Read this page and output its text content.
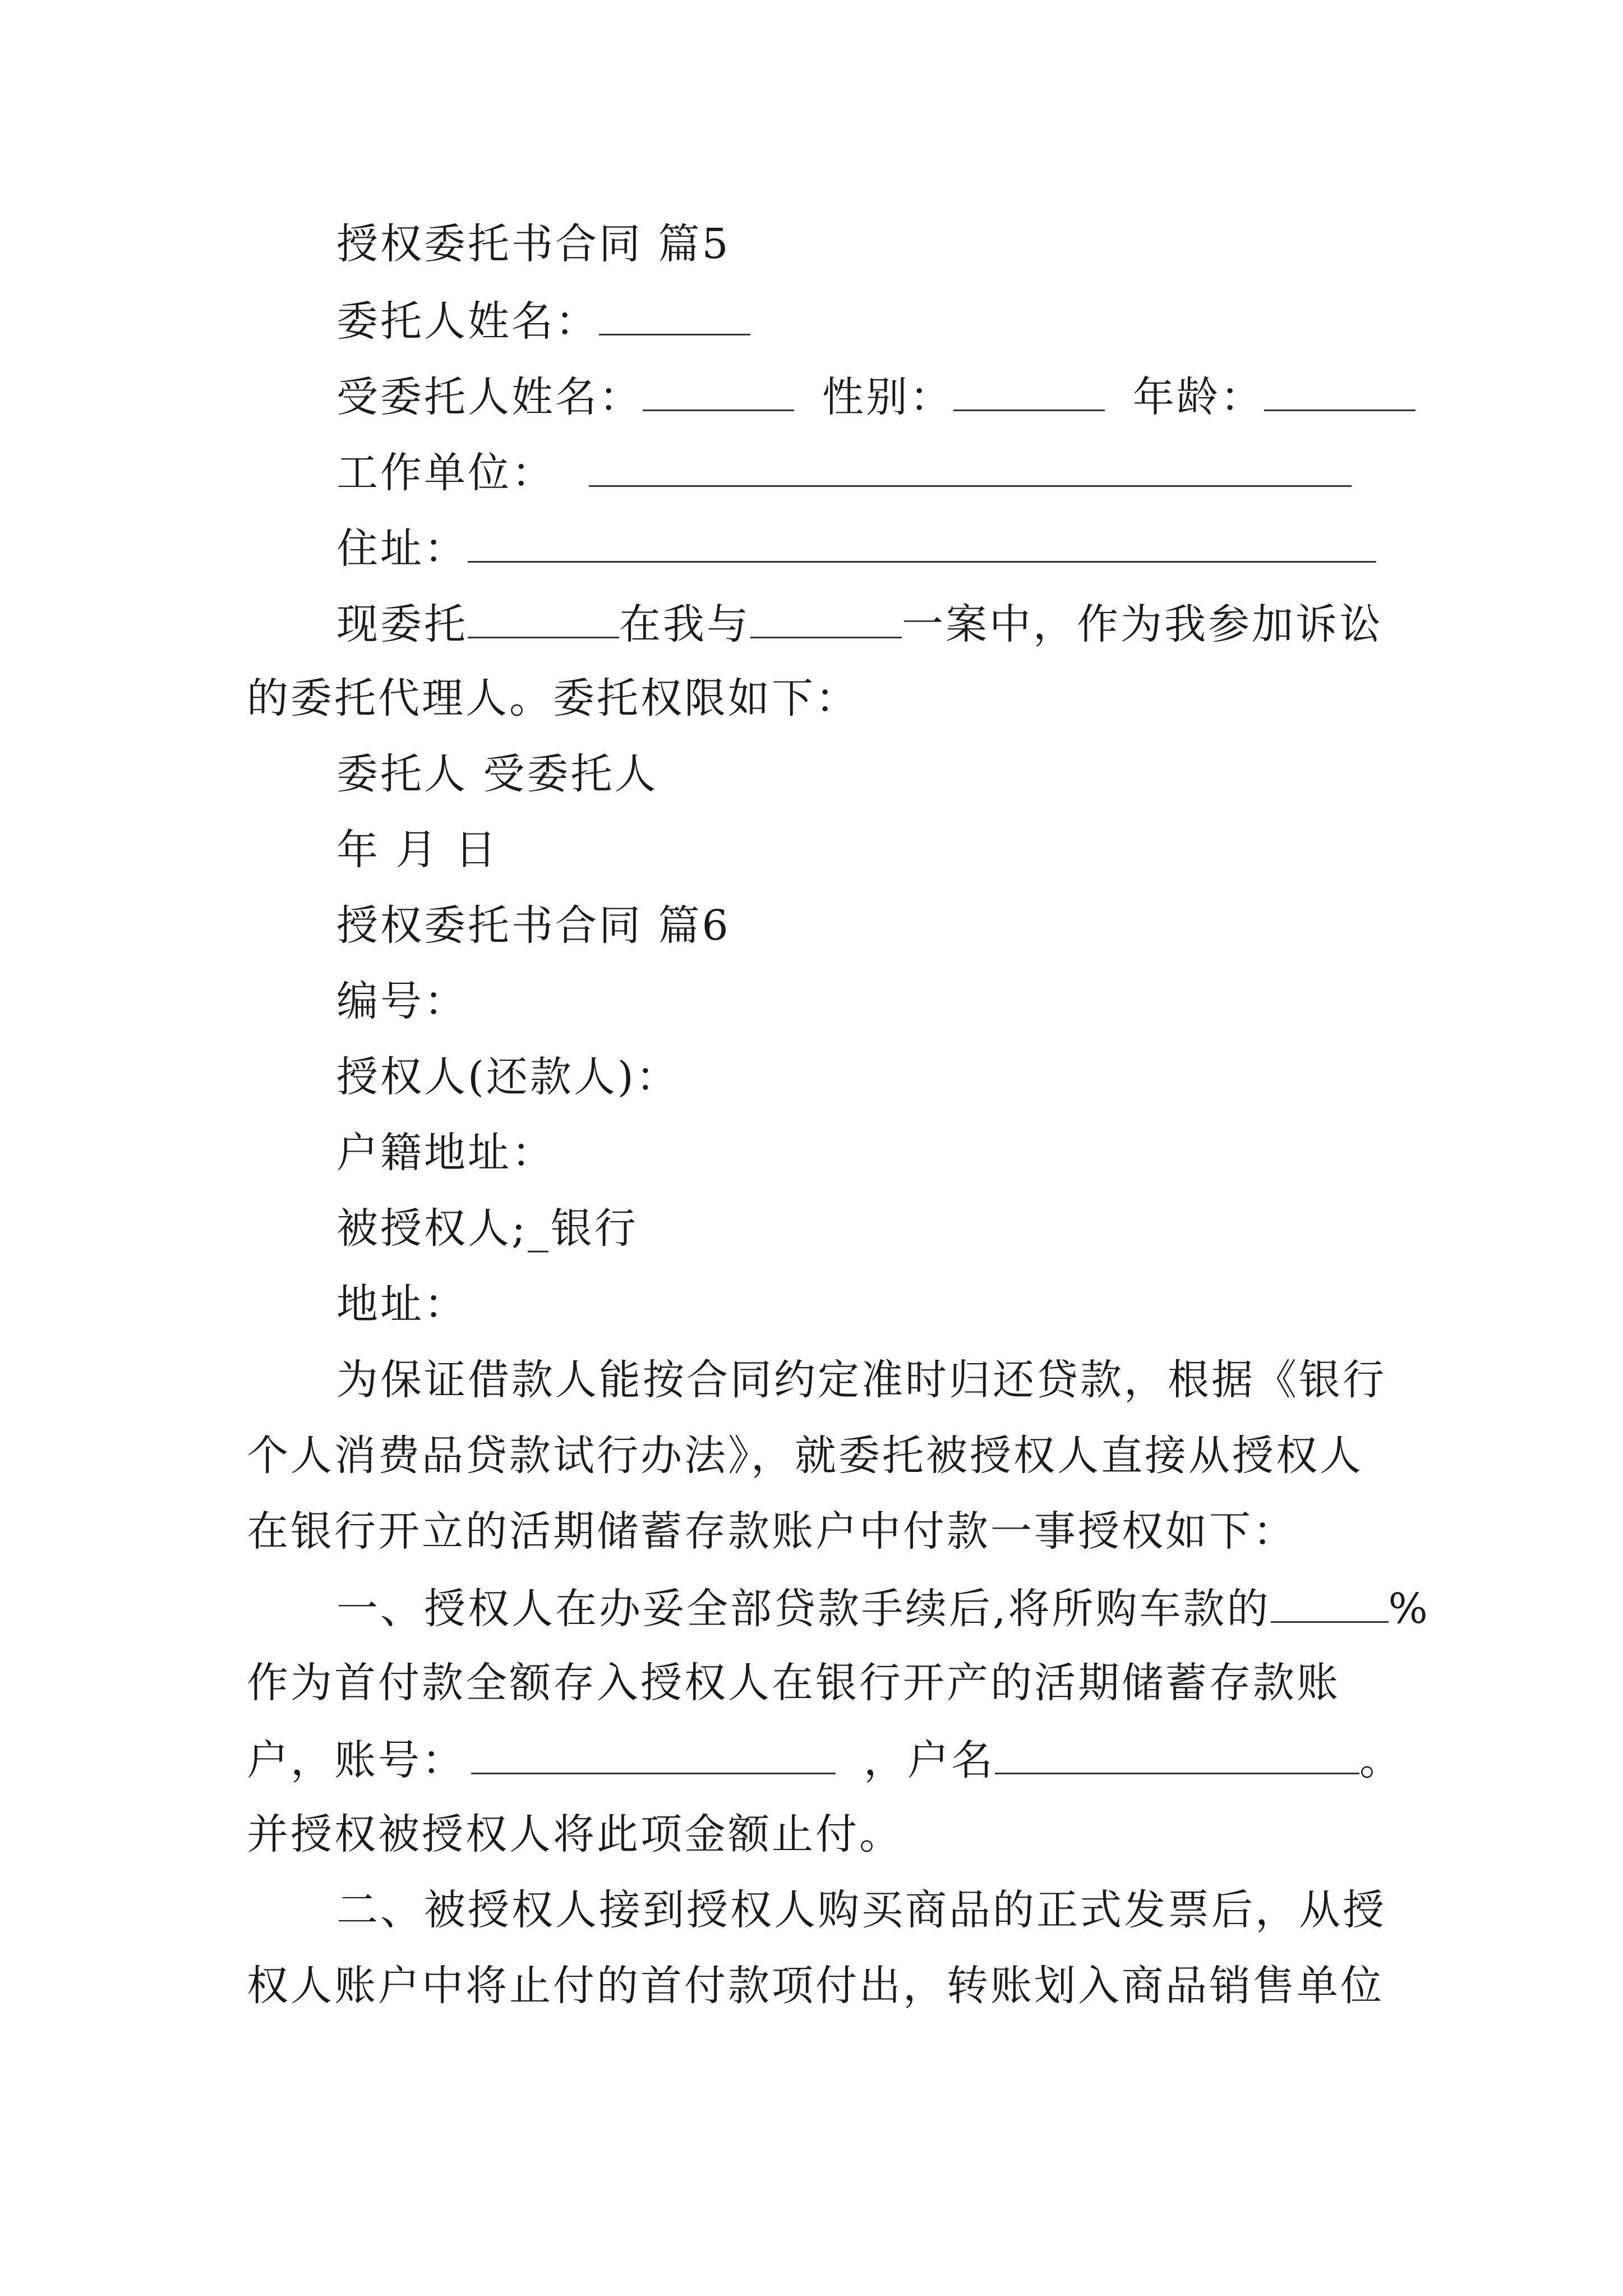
授权委托书合同 篇5
委托人姓名：
受委托人姓名：	性别：	年龄：
工作单位：
住址：
现委托	在我与	一案中，作为我参加诉讼
的委托代理人。委托权限如下：
委托人 受委托人
年 月 日
授权委托书合同 篇6
编号：
授权人(还款人)：
户籍地址：
被授权人;_银行
地址：
为保证借款人能按合同约定准时归还贷款，根据《银行
个人消费品贷款试行办法》，就委托被授权人直接从授权人
在银行开立的活期储蓄存款账户中付款一事授权如下：
一、授权人在办妥全部贷款手续后,将所购车款的	%
作为首付款全额存入授权人在银行开产的活期储蓄存款账
户，账号：	，户名	。
并授权被授权人将此项金额止付。
二、被授权人接到授权人购买商品的正式发票后，从授
权人账户中将止付的首付款项付出，转账划入商品销售单位
